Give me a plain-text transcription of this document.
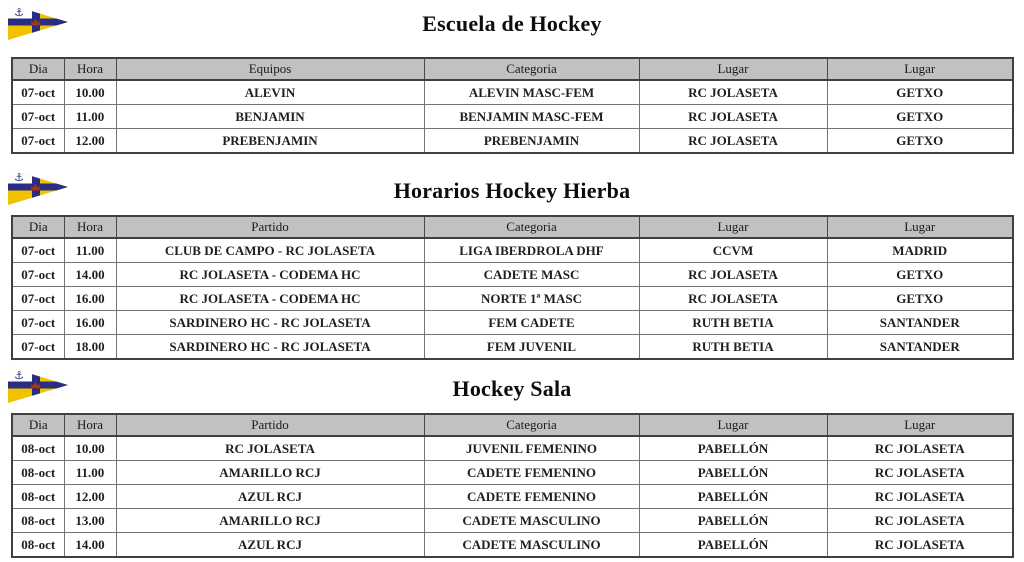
Escuela de Hockey
Dia	Hora	Equipos	Categoria	Lugar	Lugar
07-oct	10.00	ALEVIN	ALEVIN MASC-FEM	RC JOLASETA	GETXO
07-oct	11.00	BENJAMIN	BENJAMIN MASC-FEM	RC JOLASETA	GETXO
07-oct	12.00	PREBENJAMIN	PREBENJAMIN	RC JOLASETA	GETXO
Horarios Hockey Hierba
Dia	Hora	Partido	Categoria	Lugar	Lugar
07-oct	11.00	CLUB DE CAMPO - RC JOLASETA	LIGA IBERDROLA DHF	CCVM	MADRID
07-oct	14.00	RC JOLASETA - CODEMA HC	CADETE MASC	RC JOLASETA	GETXO
07-oct	16.00	RC JOLASETA - CODEMA HC	NORTE 1ª MASC	RC JOLASETA	GETXO
07-oct	16.00	SARDINERO HC - RC JOLASETA	FEM CADETE	RUTH BETIA	SANTANDER
07-oct	18.00	SARDINERO HC - RC JOLASETA	FEM JUVENIL	RUTH BETIA	SANTANDER
Hockey Sala
Dia	Hora	Partido	Categoria	Lugar	Lugar
08-oct	10.00	RC JOLASETA	JUVENIL FEMENINO	PABELLÓN	RC JOLASETA
08-oct	11.00	AMARILLO RCJ	CADETE FEMENINO	PABELLÓN	RC JOLASETA
08-oct	12.00	AZUL RCJ	CADETE FEMENINO	PABELLÓN	RC JOLASETA
08-oct	13.00	AMARILLO RCJ	CADETE MASCULINO	PABELLÓN	RC JOLASETA
08-oct	14.00	AZUL RCJ	CADETE MASCULINO	PABELLÓN	RC JOLASETA
